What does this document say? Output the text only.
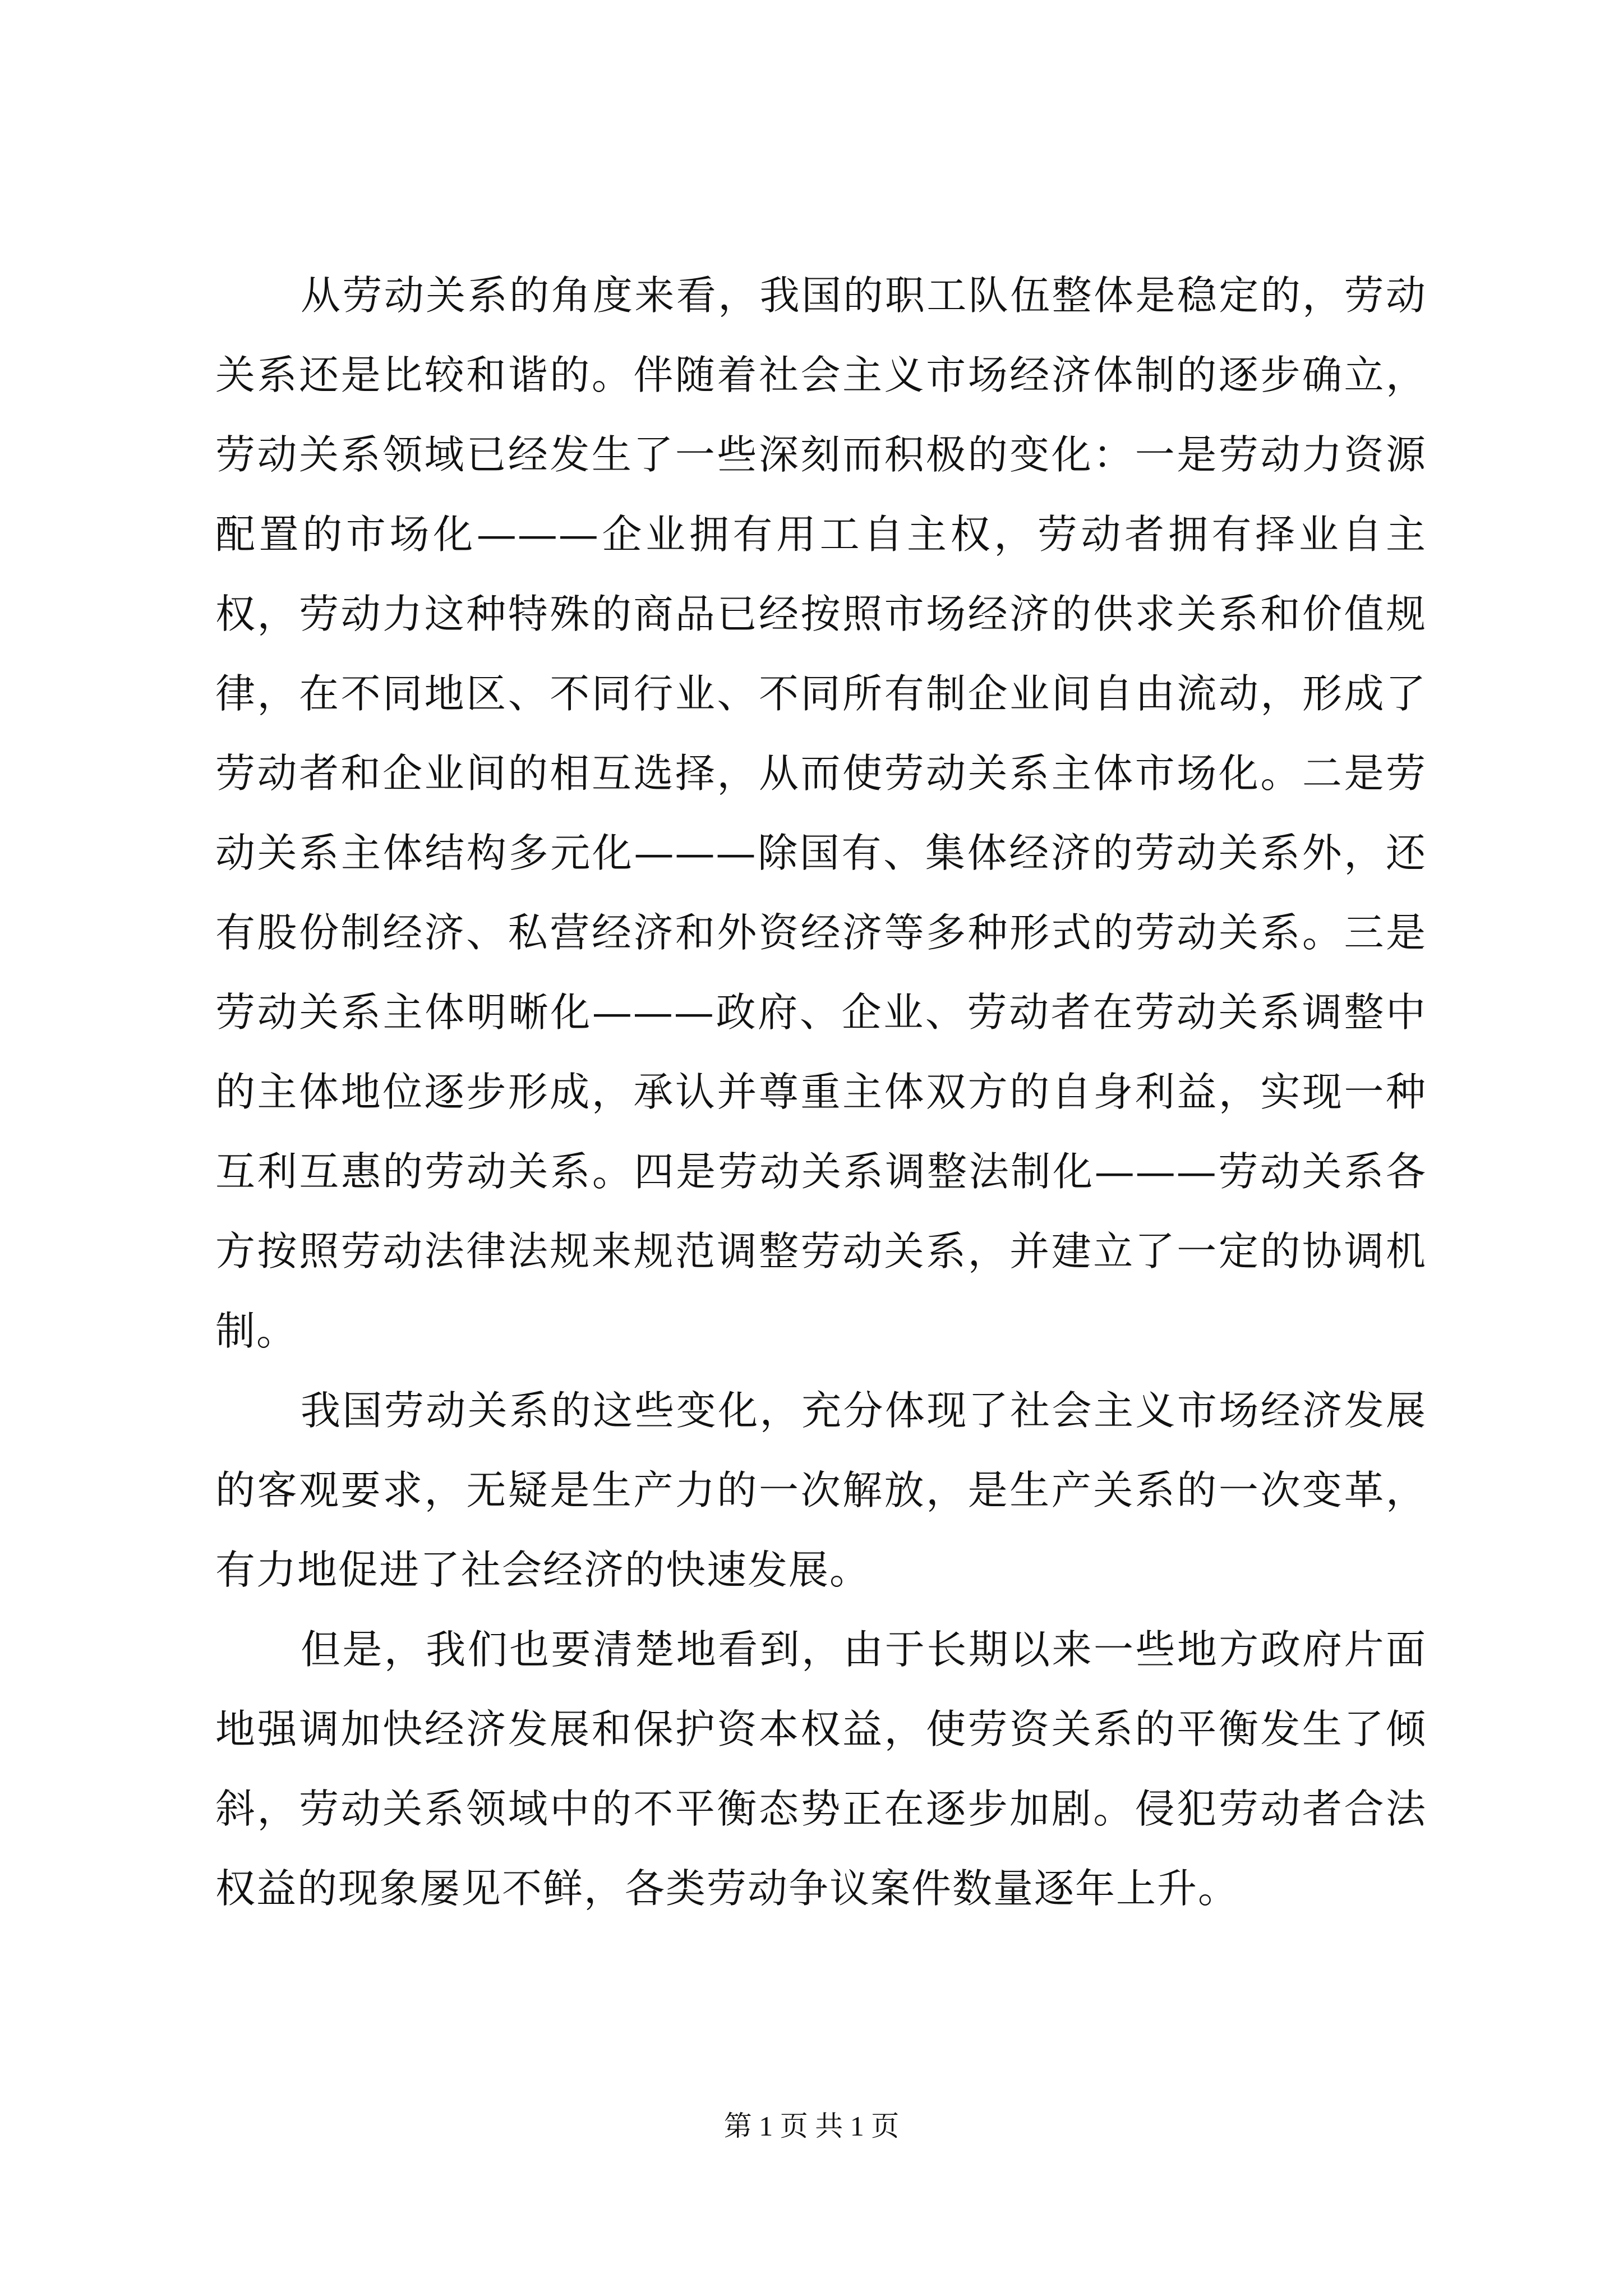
从劳动关系的角度来看，我国的职工队伍整体是稳定的，劳动关系还是比较和谐的。伴随着社会主义市场经济体制的逐步确立，劳动关系领域已经发生了一些深刻而积极的变化：一是劳动力资源配置的市场化———企业拥有用工自主权，劳动者拥有择业自主权，劳动力这种特殊的商品已经按照市场经济的供求关系和价值规律，在不同地区、不同行业、不同所有制企业间自由流动，形成了劳动者和企业间的相互选择，从而使劳动关系主体市场化。二是劳动关系主体结构多元化———除国有、集体经济的劳动关系外，还有股份制经济、私营经济和外资经济等多种形式的劳动关系。三是劳动关系主体明晰化———政府、企业、劳动者在劳动关系调整中的主体地位逐步形成，承认并尊重主体双方的自身利益，实现一种互利互惠的劳动关系。四是劳动关系调整法制化———劳动关系各方按照劳动法律法规来规范调整劳动关系，并建立了一定的协调机制。

我国劳动关系的这些变化，充分体现了社会主义市场经济发展的客观要求，无疑是生产力的一次解放，是生产关系的一次变革，有力地促进了社会经济的快速发展。

但是，我们也要清楚地看到，由于长期以来一些地方政府片面地强调加快经济发展和保护资本权益，使劳资关系的平衡发生了倾斜，劳动关系领域中的不平衡态势正在逐步加剧。侵犯劳动者合法权益的现象屡见不鲜，各类劳动争议案件数量逐年上升。

第 1 页 共 1 页
